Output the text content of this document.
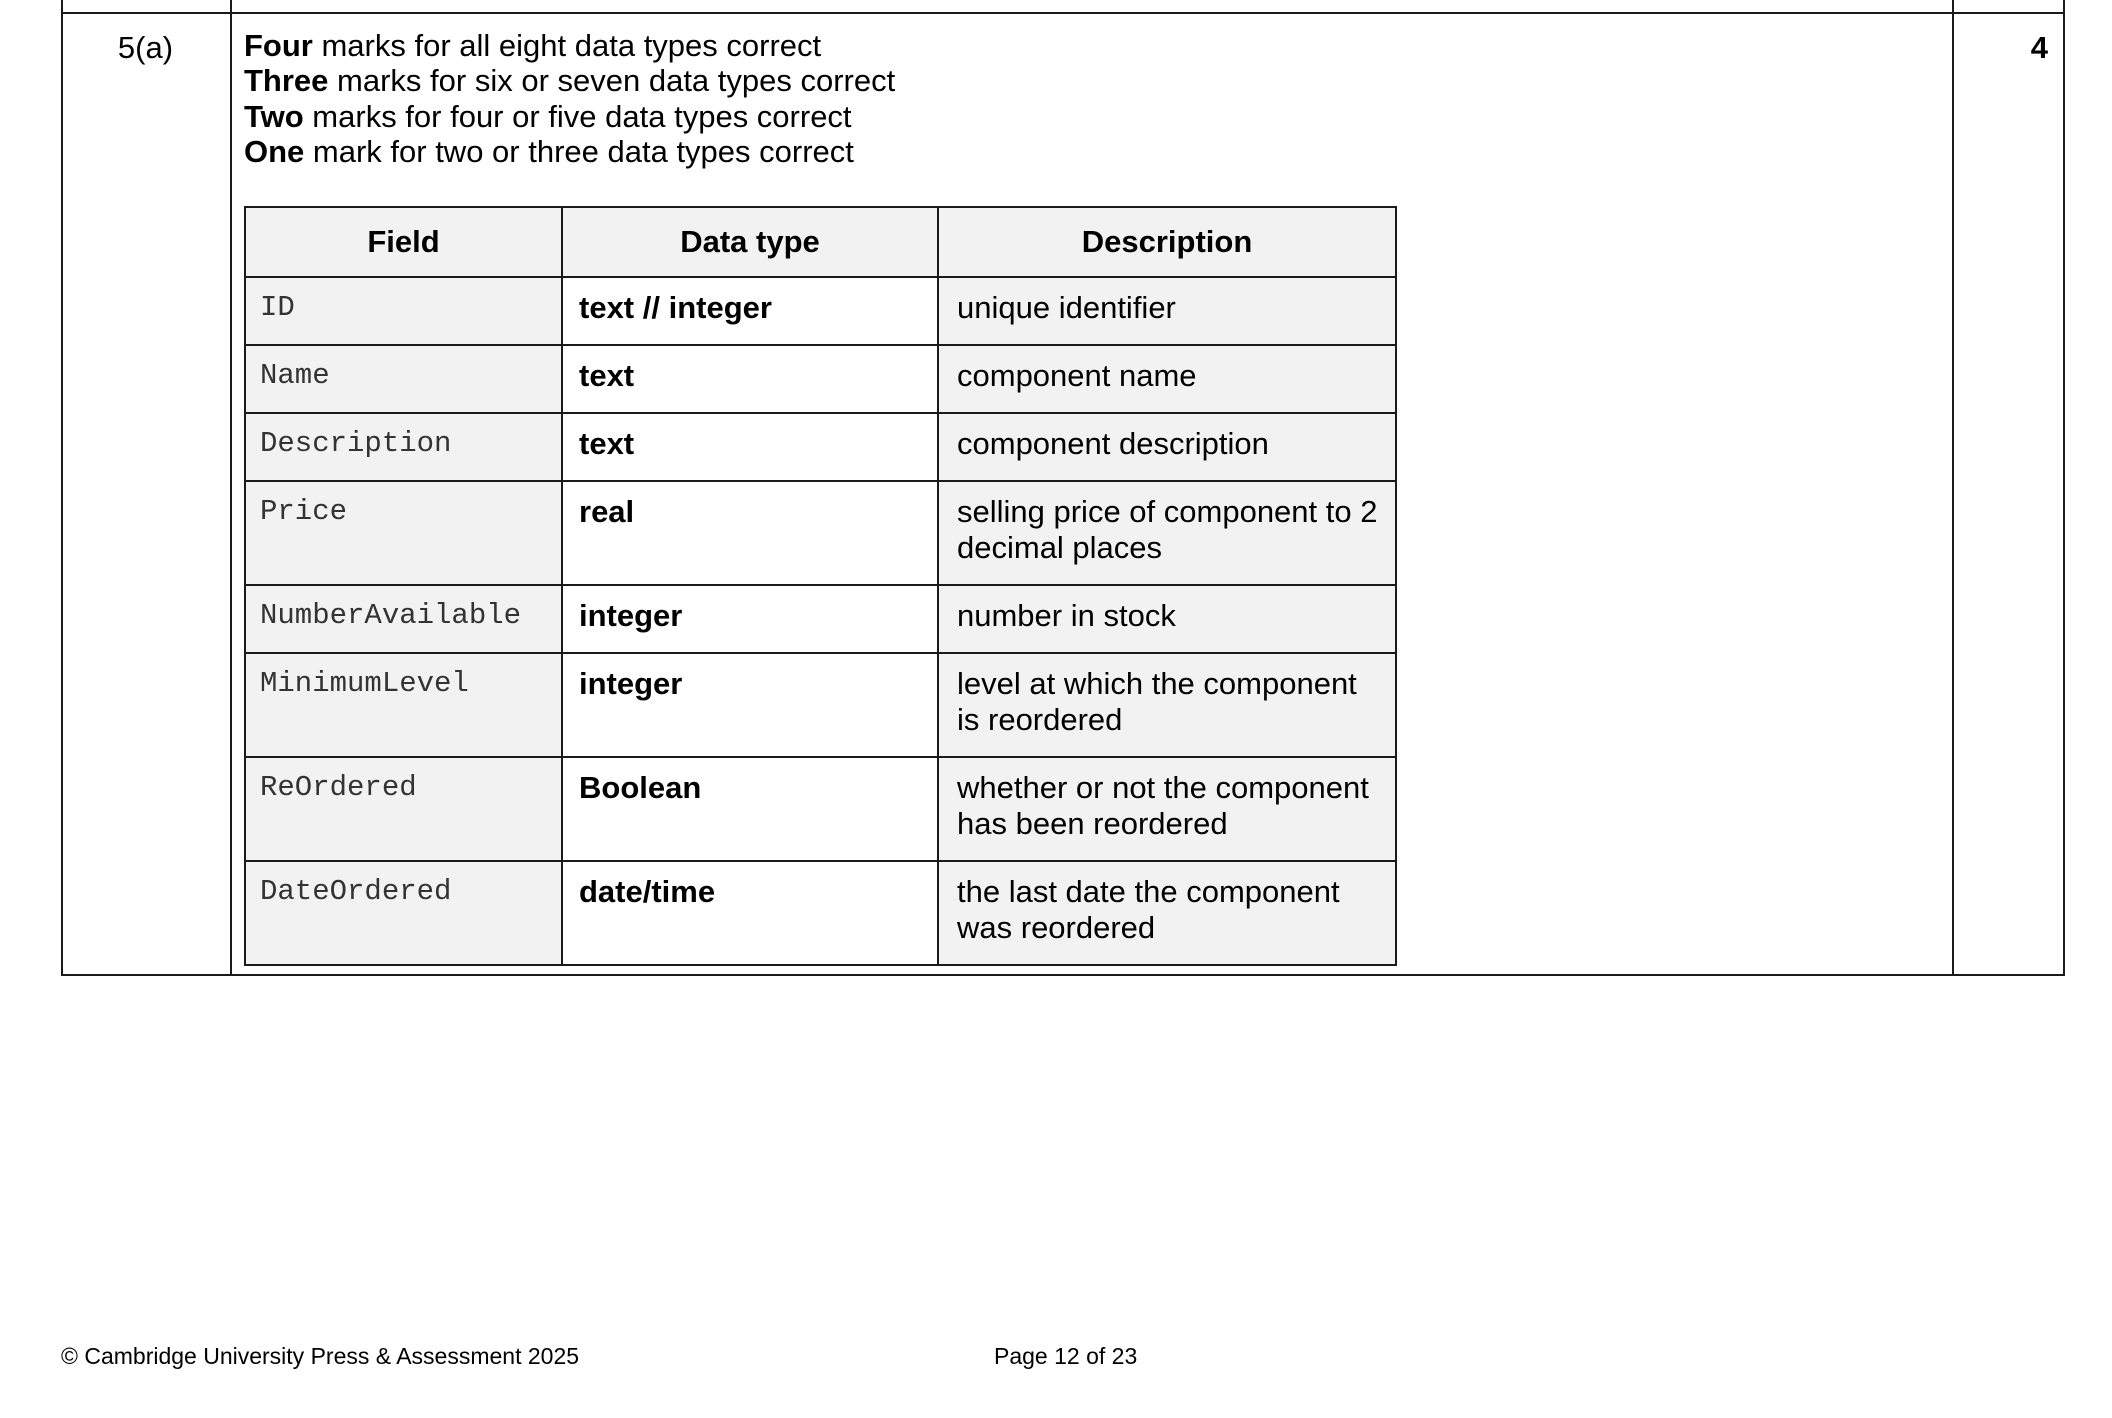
5(a)	4
Four marks for all eight data types correct
Three marks for six or seven data types correct
Two marks for four or five data types correct
One mark for two or three data types correct
Field	Data type	Description
ID	text // integer	unique identifier
Name	text	component name
Description	text	component description
Price	real	selling price of component to 2 decimal places
NumberAvailable	integer	number in stock
MinimumLevel	integer	level at which the component is reordered
ReOrdered	Boolean	whether or not the component has been reordered
DateOrdered	date/time	the last date the component was reordered
© Cambridge University Press & Assessment 2025	Page 12 of 23
